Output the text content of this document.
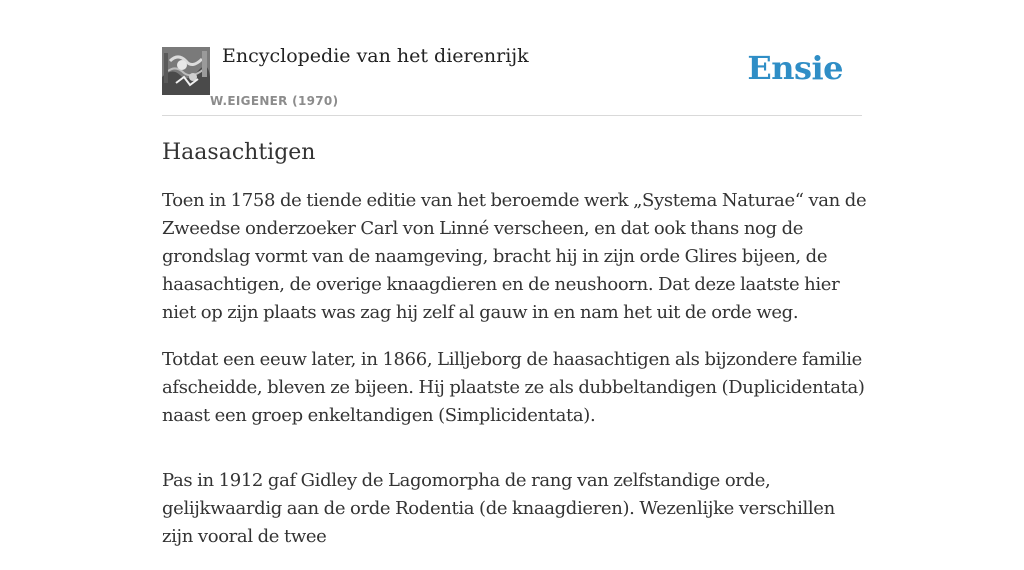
Encyclopedie van het dierenrijk
W.EIGENER (1970)
Ensie
Haasachtigen

Toen in 1758 de tiende editie van het beroemde werk „Systema Naturae“ van de Zweedse onderzoeker Carl von Linné verscheen, en dat ook thans nog de grondslag vormt van de naamgeving, bracht hij in zijn orde Glires bijeen, de haasachtigen, de overige knaagdieren en de neushoorn. Dat deze laatste hier niet op zijn plaats was zag hij zelf al gauw in en nam het uit de orde weg.

Totdat een eeuw later, in 1866, Lilljeborg de haasachtigen als bijzondere familie afscheidde, bleven ze bijeen. Hij plaatste ze als dubbeltandigen (Duplicidentata) naast een groep enkeltandigen (Simplicidentata).

Pas in 1912 gaf Gidley de Lagomorpha de rang van zelfstandige orde, gelijkwaardig aan de orde Rodentia (de knaagdieren). Wezenlijke verschillen zijn vooral de twee
